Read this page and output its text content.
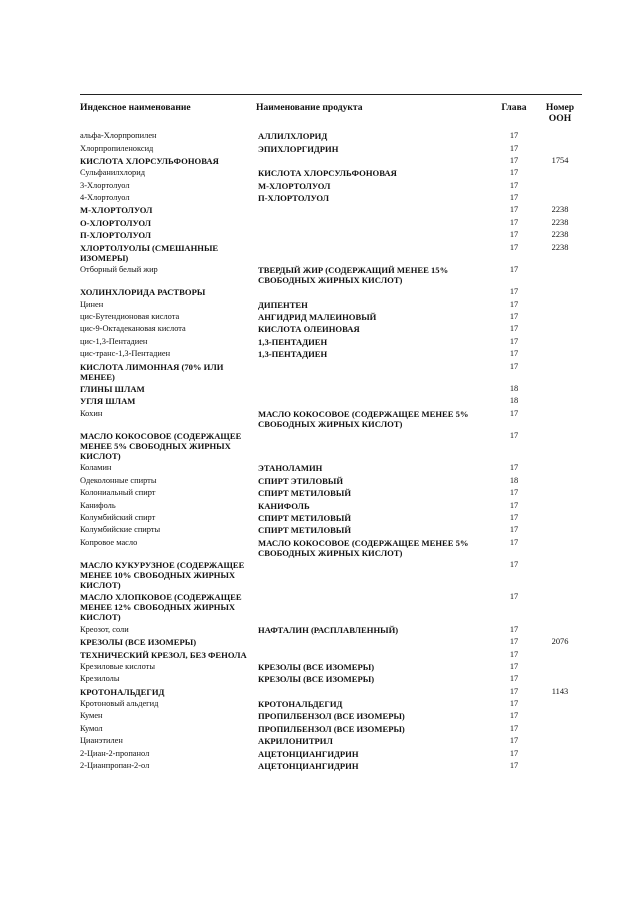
Индексное наименование	Наименование продукта	Глава	Номер ООН
альфа-Хлорпропилен	АЛЛИЛХЛОРИД	17	
Хлорпропиленоксид	ЭПИХЛОРГИДРИН	17	
КИСЛОТА ХЛОРСУЛЬФОНОВАЯ		17	1754
Сульфанилхлорид	КИСЛОТА ХЛОРСУЛЬФОНОВАЯ	17	
3-Хлортолуол	М-ХЛОРТОЛУОЛ	17	
4-Хлортолуол	П-ХЛОРТОЛУОЛ	17	
М-ХЛОРТОЛУОЛ		17	2238
О-ХЛОРТОЛУОЛ		17	2238
П-ХЛОРТОЛУОЛ		17	2238
ХЛОРТОЛУОЛЫ (СМЕШАННЫЕ ИЗОМЕРЫ)		17	2238
Отборный белый жир	ТВЕРДЫЙ ЖИР (СОДЕРЖАЩИЙ МЕНЕЕ 15% СВОБОДНЫХ ЖИРНЫХ КИСЛОТ)	17	
ХОЛИНХЛОРИДА РАСТВОРЫ		17	
Цинен	ДИПЕНТЕН	17	
цис-Бутендионовая кислота	АНГИДРИД МАЛЕИНОВЫЙ	17	
цис-9-Октадекановая кислота	КИСЛОТА ОЛЕИНОВАЯ	17	
цис-1,3-Пентадиен	1,3-ПЕНТАДИЕН	17	
цис-транс-1,3-Пентадиен	1,3-ПЕНТАДИЕН	17	
КИСЛОТА ЛИМОННАЯ (70% ИЛИ МЕНЕЕ)		17	
ГЛИНЫ ШЛАМ		18	
УГЛЯ ШЛАМ		18	
Кохин	МАСЛО КОКОСОВОЕ (СОДЕРЖАЩЕЕ МЕНЕЕ 5% СВОБОДНЫХ ЖИРНЫХ КИСЛОТ)	17	
МАСЛО КОКОСОВОЕ (СОДЕРЖАЩЕЕ МЕНЕЕ 5% СВОБОДНЫХ ЖИРНЫХ КИСЛОТ)		17	
Коламин	ЭТАНОЛАМИН	17	
Одеколонные спирты	СПИРТ ЭТИЛОВЫЙ	18	
Колониальный спирт	СПИРТ МЕТИЛОВЫЙ	17	
Канифоль	КАНИФОЛЬ	17	
Колумбийский спирт	СПИРТ МЕТИЛОВЫЙ	17	
Колумбийские спирты	СПИРТ МЕТИЛОВЫЙ	17	
Копровое масло	МАСЛО КОКОСОВОЕ (СОДЕРЖАЩЕЕ МЕНЕЕ 5% СВОБОДНЫХ ЖИРНЫХ КИСЛОТ)	17	
МАСЛО КУКУРУЗНОЕ (СОДЕРЖАЩЕЕ МЕНЕЕ 10% СВОБОДНЫХ ЖИРНЫХ КИСЛОТ)		17	
МАСЛО ХЛОПКОВОЕ (СОДЕРЖАЩЕЕ МЕНЕЕ 12% СВОБОДНЫХ ЖИРНЫХ КИСЛОТ)		17	
Креозот, соли	НАФТАЛИН (РАСПЛАВЛЕННЫЙ)	17	
КРЕЗОЛЫ (ВСЕ ИЗОМЕРЫ)		17	2076
ТЕХНИЧЕСКИЙ КРЕЗОЛ, БЕЗ ФЕНОЛА		17	
Крезиловые кислоты	КРЕЗОЛЫ (ВСЕ ИЗОМЕРЫ)	17	
Крезилолы	КРЕЗОЛЫ (ВСЕ ИЗОМЕРЫ)	17	
КРОТОНАЛЬДЕГИД		17	1143
Кротоновый альдегид	КРОТОНАЛЬДЕГИД	17	
Кумен	ПРОПИЛБЕНЗОЛ (ВСЕ ИЗОМЕРЫ)	17	
Кумол	ПРОПИЛБЕНЗОЛ (ВСЕ ИЗОМЕРЫ)	17	
Цианэтилен	АКРИЛОНИТРИЛ	17	
2-Циан-2-пропанол	АЦЕТОНЦИАНГИДРИН	17	
2-Цианпропан-2-ол	АЦЕТОНЦИАНГИДРИН	17	
